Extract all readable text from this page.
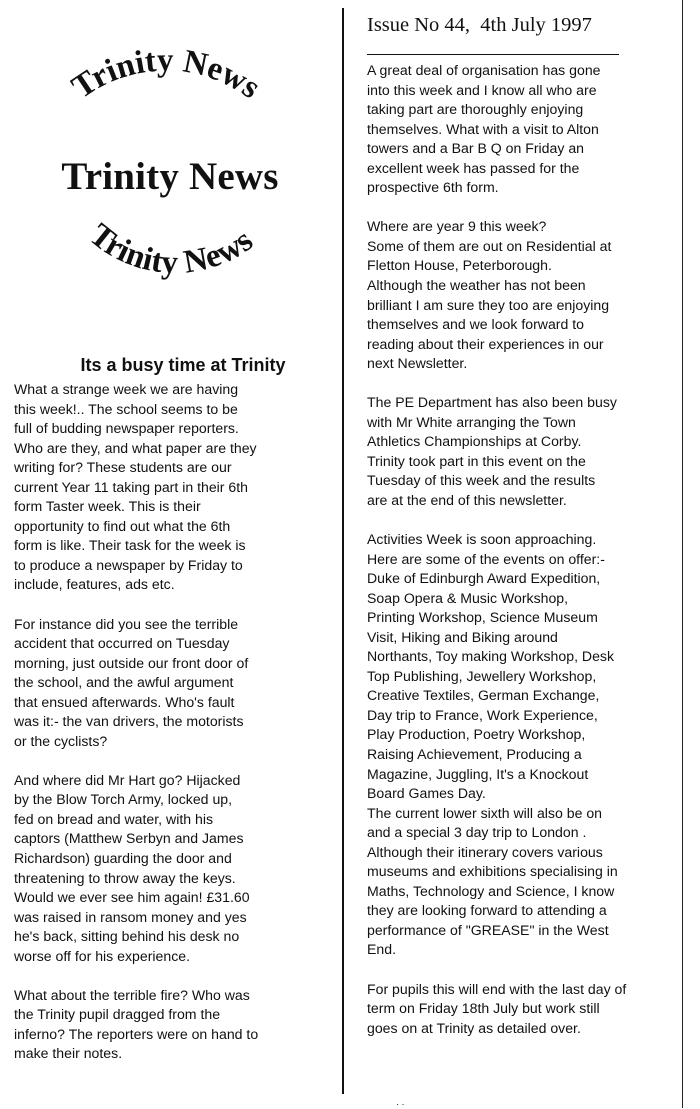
Trinity News
Trinity News
Trinity News
Its a busy time at Trinity

What a strange week we are having
this week!.. The school seems to be
full of budding newspaper reporters.
Who are they, and what paper are they
writing for? These students are our
current Year 11 taking part in their 6th
form Taster week. This is their
opportunity to find out what the 6th
form is like. Their task for the week is
to produce a newspaper by Friday to
include, features, ads etc.

For instance did you see the terrible
accident that occurred on Tuesday
morning, just outside our front door of
the school, and the awful argument
that ensued afterwards. Who's fault
was it:- the van drivers, the motorists
or the cyclists?

And where did Mr Hart go? Hijacked
by the Blow Torch Army, locked up,
fed on bread and water, with his
captors (Matthew Serbyn and James
Richardson) guarding the door and
threatening to throw away the keys.
Would we ever see him again! £31.60
was raised in ransom money and yes
he's back, sitting behind his desk no
worse off for his experience.

What about the terrible fire? Who was
the Trinity pupil dragged from the
inferno? The reporters were on hand to
make their notes.

Issue No 44,  4th July 1997

A great deal of organisation has gone
into this week and I know all who are
taking part are thoroughly enjoying
themselves. What with a visit to Alton
towers and a Bar B Q on Friday an
excellent week has passed for the
prospective 6th form.

Where are year 9 this week?
Some of them are out on Residential at
Fletton House, Peterborough.
Although the weather has not been
brilliant I am sure they too are enjoying
themselves and we look forward to
reading about their experiences in our
next Newsletter.

The PE Department has also been busy
with Mr White arranging the Town
Athletics Championships at Corby.
Trinity took part in this event on the
Tuesday of this week and the results
are at the end of this newsletter.

Activities Week is soon approaching.
Here are some of the events on offer:-
Duke of Edinburgh Award Expedition,
Soap Opera & Music Workshop,
Printing Workshop, Science Museum
Visit, Hiking and Biking around
Northants, Toy making Workshop, Desk
Top Publishing, Jewellery Workshop,
Creative Textiles, German Exchange,
Day trip to France, Work Experience,
Play Production, Poetry Workshop,
Raising Achievement, Producing a
Magazine, Juggling, It's a Knockout
Board Games Day.
The current lower sixth will also be on
and a special 3 day trip to London .
Although their itinerary covers various
museums and exhibitions specialising in
Maths, Technology and Science, I know
they are looking forward to attending a
performance of "GREASE" in the West
End.

For pupils this will end with the last day of
term on Friday 18th July but work still
goes on at Trinity as detailed over.

· ·
